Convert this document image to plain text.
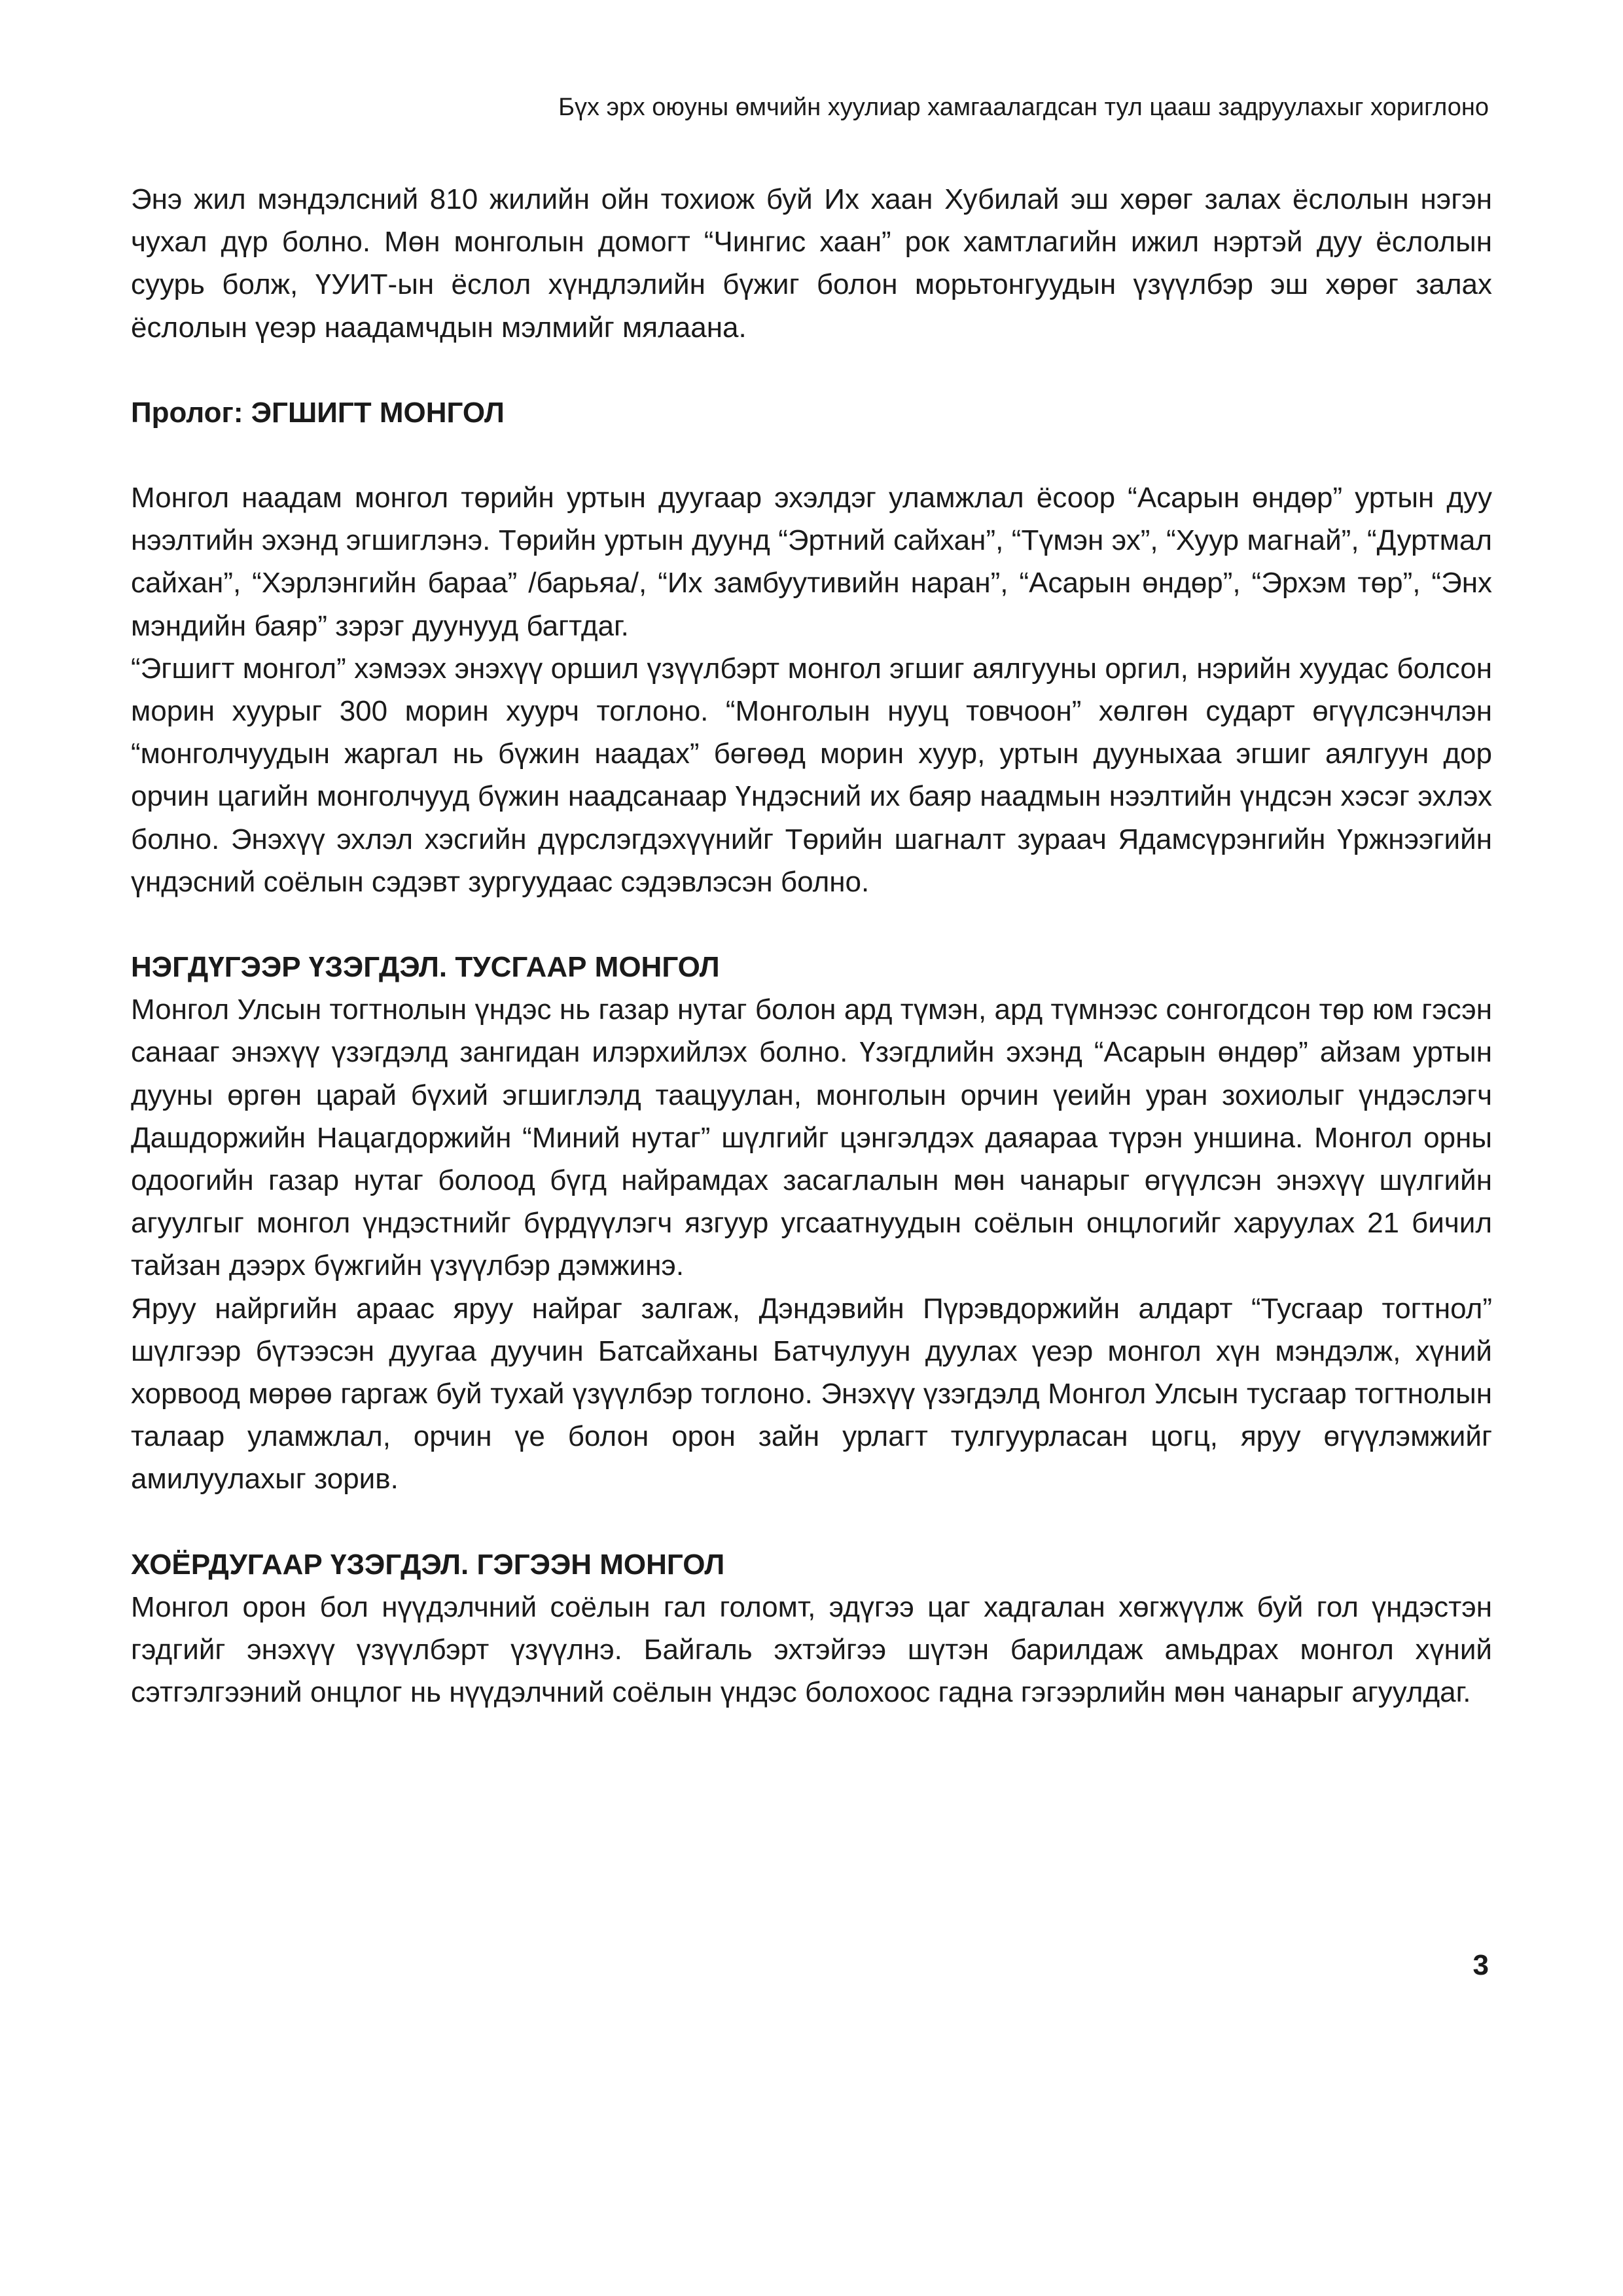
Бүх эрх оюуны өмчийн хуулиар хамгаалагдсан тул цааш задруулахыг хориглоно

Энэ жил мэндэлсний 810 жилийн ойн тохиож буй Их хаан Хубилай эш хөрөг залах ёслолын нэгэн чухал дүр болно. Мөн монголын домогт “Чингис хаан” рок хамтлагийн ижил нэртэй дуу ёслолын суурь болж, ҮУИТ-ын ёслол хүндлэлийн бүжиг болон морьтонгуудын үзүүлбэр эш хөрөг залах ёслолын үеэр наадамчдын мэлмийг мялаана.

Пролог: ЭГШИГТ МОНГОЛ

Монгол наадам монгол төрийн уртын дуугаар эхэлдэг уламжлал ёсоор “Асарын өндөр” уртын дуу нээлтийн эхэнд эгшиглэнэ. Төрийн уртын дуунд “Эртний сайхан”, “Түмэн эх”, “Хуур магнай”, “Дуртмал сайхан”, “Хэрлэнгийн бараа” /барьяа/, “Их замбуутивийн наран”, “Асарын өндөр”, “Эрхэм төр”, “Энх мэндийн баяр” зэрэг дуунууд багтдаг.

“Эгшигт монгол” хэмээх энэхүү оршил үзүүлбэрт монгол эгшиг аялгууны оргил, нэрийн хуудас болсон морин хуурыг 300 морин хуурч тоглоно. “Монголын нууц товчоон” хөлгөн сударт өгүүлсэнчлэн “монголчуудын жаргал нь бүжин наадах” бөгөөд морин хуур, уртын дууныхаа эгшиг аялгуун дор орчин цагийн монголчууд бүжин наадсанаар Үндэсний их баяр наадмын нээлтийн үндсэн хэсэг эхлэх болно. Энэхүү эхлэл хэсгийн дүрслэгдэхүүнийг Төрийн шагналт зураач Ядамсүрэнгийн Үржнээгийн үндэсний соёлын сэдэвт зургуудаас сэдэвлэсэн болно.

НЭГДҮГЭЭР ҮЗЭГДЭЛ. ТУСГААР МОНГОЛ

Монгол Улсын тогтнолын үндэс нь газар нутаг болон ард түмэн, ард түмнээс сонгогдсон төр юм гэсэн санааг энэхүү үзэгдэлд зангидан илэрхийлэх болно. Үзэгдлийн эхэнд “Асарын өндөр” айзам уртын дууны өргөн царай бүхий эгшиглэлд таацуулан, монголын орчин үеийн уран зохиолыг үндэслэгч Дашдоржийн Нацагдоржийн “Миний нутаг” шүлгийг цэнгэлдэх даяараа түрэн уншина. Монгол орны одоогийн газар нутаг болоод бүгд найрамдах засаглалын мөн чанарыг өгүүлсэн энэхүү шүлгийн агуулгыг монгол үндэстнийг бүрдүүлэгч язгуур угсаатнуудын соёлын онцлогийг харуулах 21 бичил тайзан дээрх бүжгийн үзүүлбэр дэмжинэ.

Яруу найргийн араас яруу найраг залгаж, Дэндэвийн Пүрэвдоржийн алдарт “Тусгаар тогтнол” шүлгээр бүтээсэн дуугаа дуучин Батсайханы Батчулуун дуулах үеэр монгол хүн мэндэлж, хүний хорвоод мөрөө гаргаж буй тухай үзүүлбэр тоглоно. Энэхүү үзэгдэлд Монгол Улсын тусгаар тогтнолын талаар уламжлал, орчин үе болон орон зайн урлагт тулгуурласан цогц, яруу өгүүлэмжийг амилуулахыг зорив.

ХОЁРДУГААР ҮЗЭГДЭЛ. ГЭГЭЭН МОНГОЛ

Монгол орон бол нүүдэлчний соёлын гал голомт, эдүгээ цаг хадгалан хөгжүүлж буй гол үндэстэн гэдгийг энэхүү үзүүлбэрт үзүүлнэ. Байгаль эхтэйгээ шүтэн барилдаж амьдрах монгол хүний сэтгэлгээний онцлог нь нүүдэлчний соёлын үндэс болохоос гадна гэгээрлийн мөн чанарыг агуулдаг.

3
